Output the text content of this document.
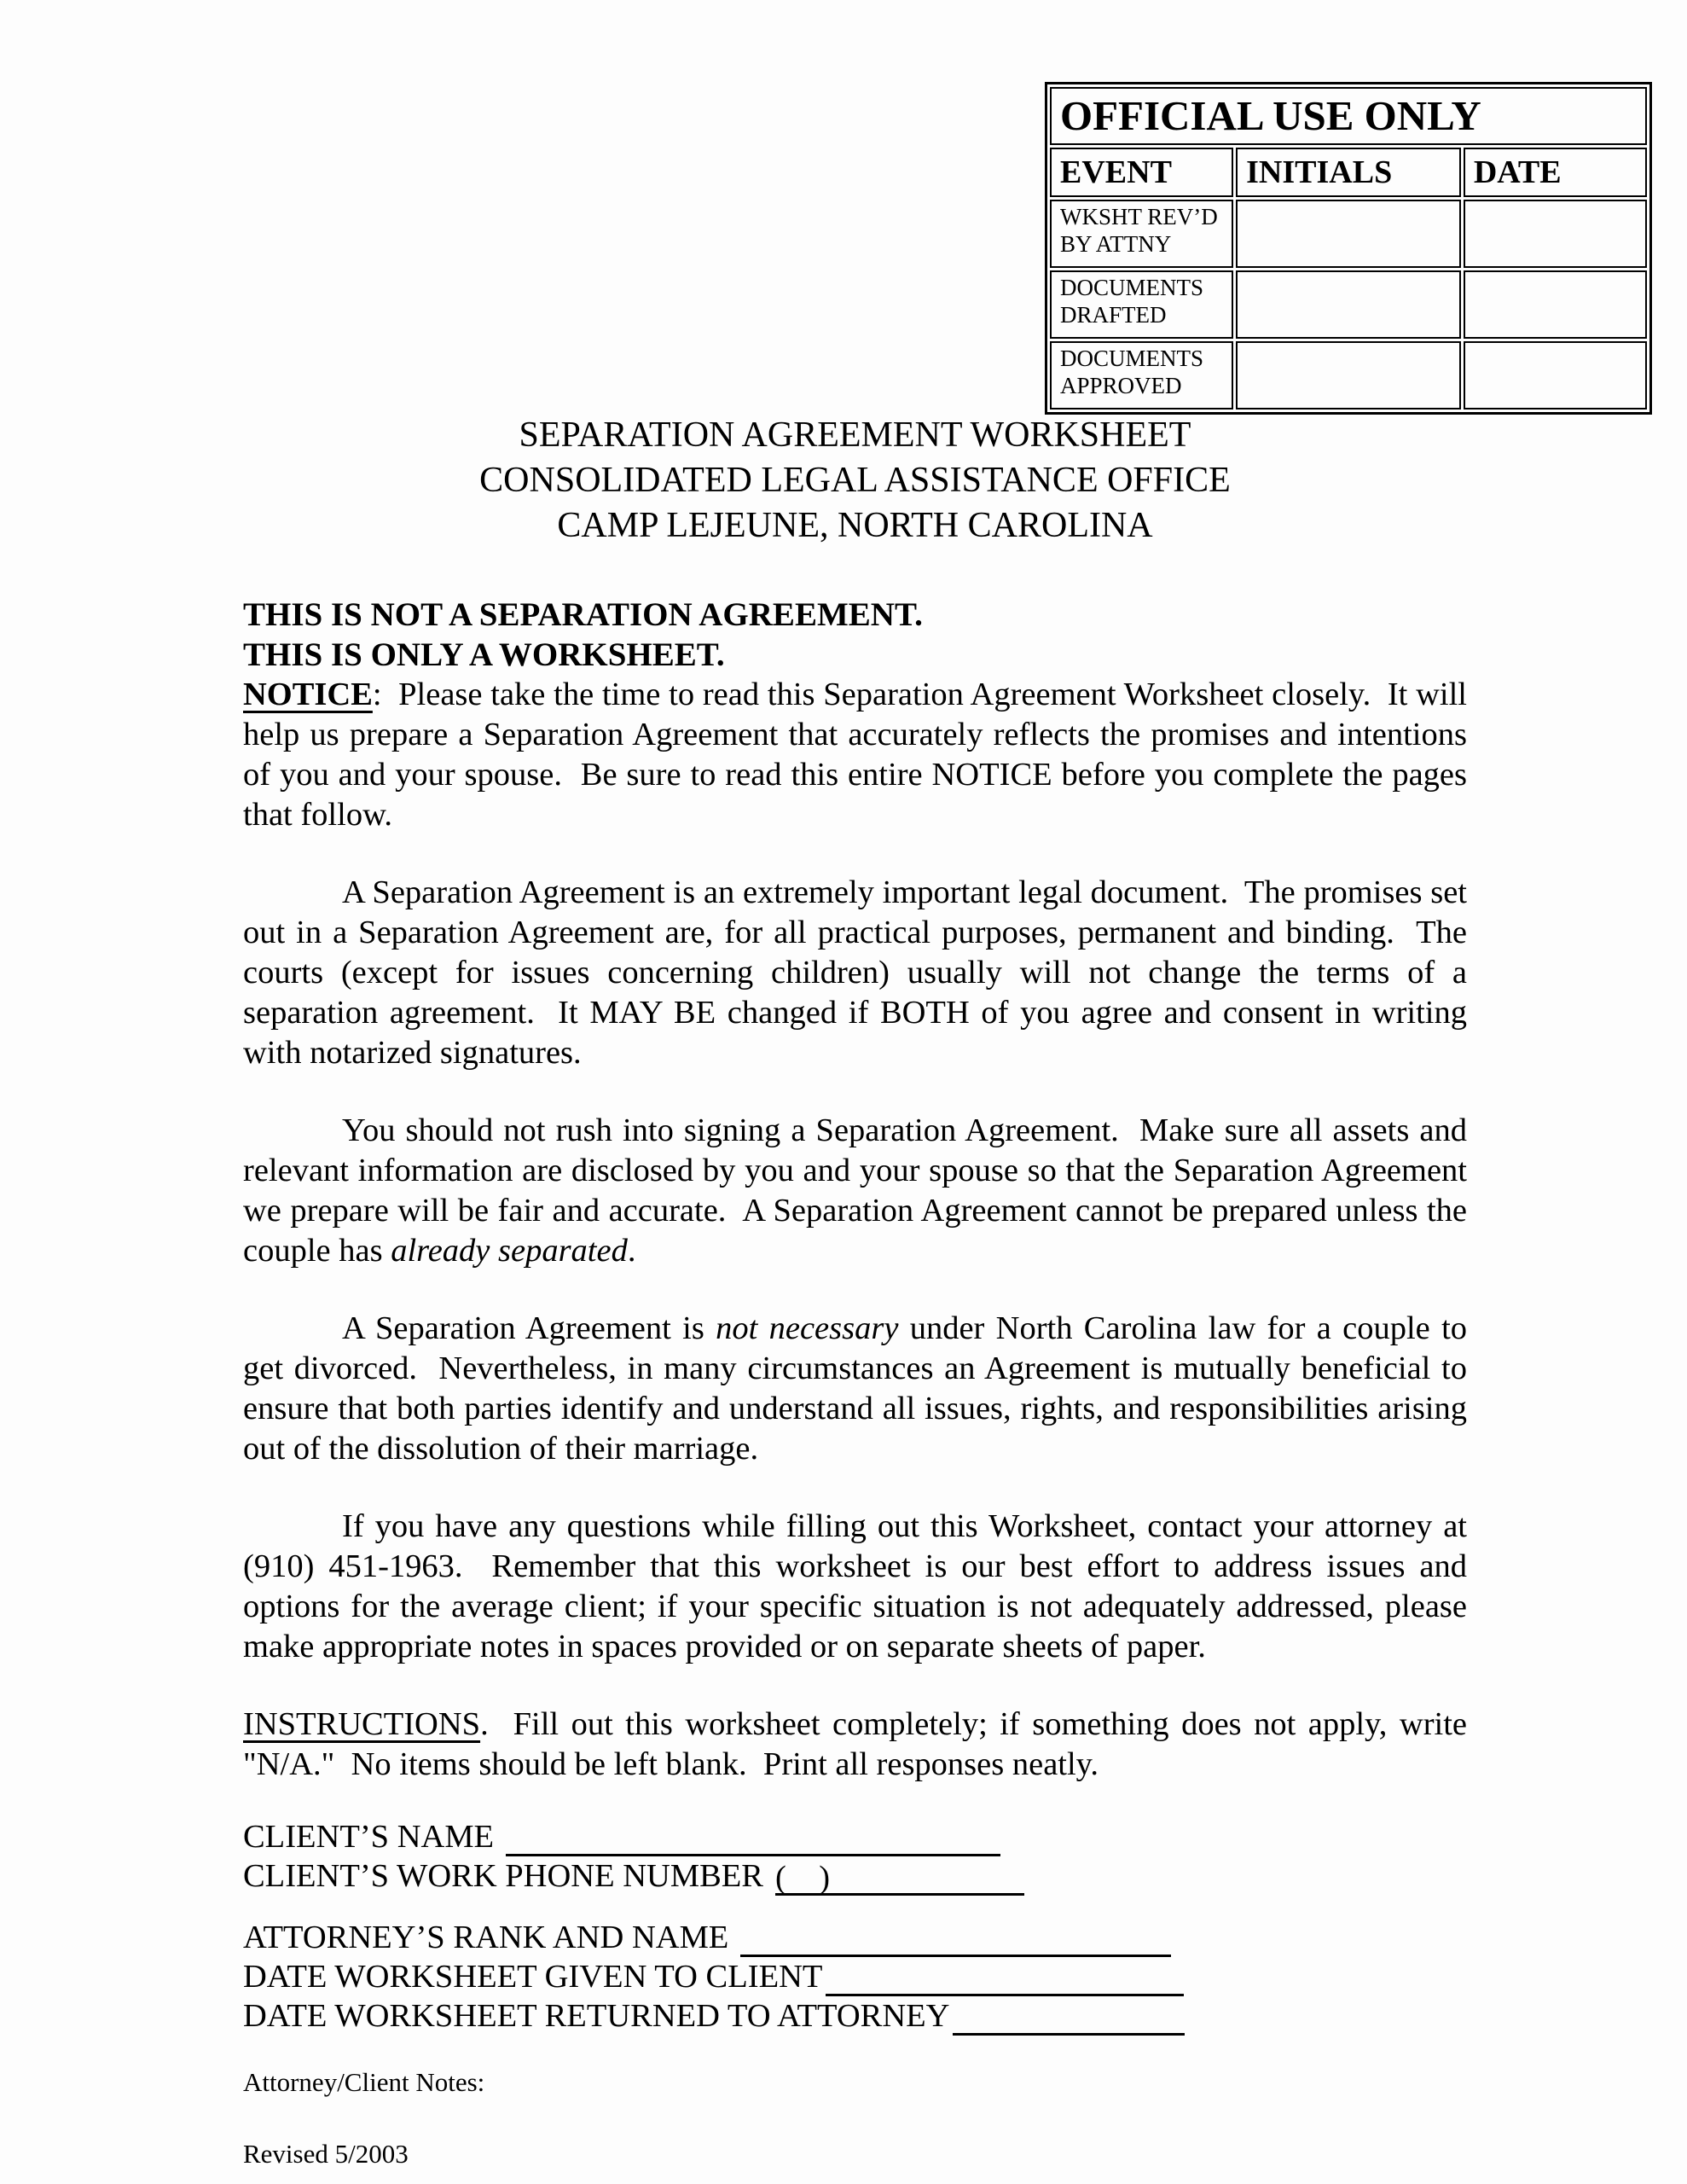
OFFICIAL USE ONLY		
EVENT	INITIALS	DATE
WKSHT REV’D BY ATTNY		
DOCUMENTS DRAFTED		
DOCUMENTS APPROVED		
SEPARATION AGREEMENT WORKSHEET
CONSOLIDATED LEGAL ASSISTANCE OFFICE
CAMP LEJEUNE, NORTH CAROLINA
THIS IS NOT A SEPARATION AGREEMENT.
THIS IS ONLY A WORKSHEET.

NOTICE:  Please take the time to read this Separation Agreement Worksheet closely.  It will help us prepare a Separation Agreement that accurately reflects the promises and intentions of you and your spouse.  Be sure to read this entire NOTICE before you complete the pages that follow.

A Separation Agreement is an extremely important legal document.  The promises set out in a Separation Agreement are, for all practical purposes, permanent and binding.  The courts (except for issues concerning children) usually will not change the terms of a separation agreement.  It MAY BE changed if BOTH of you agree and consent in writing with notarized signatures.

You should not rush into signing a Separation Agreement.  Make sure all assets and relevant information are disclosed by you and your spouse so that the Separation Agreement we prepare will be fair and accurate.  A Separation Agreement cannot be prepared unless the couple has already separated.

A Separation Agreement is not necessary under North Carolina law for a couple to get divorced.  Nevertheless, in many circumstances an Agreement is mutually beneficial to ensure that both parties identify and understand all issues, rights, and responsibilities arising out of the dissolution of their marriage.

If you have any questions while filling out this Worksheet, contact your attorney at (910) 451-1963.  Remember that this worksheet is our best effort to address issues and options for the average client; if your specific situation is not adequately addressed, please make appropriate notes in spaces provided or on separate sheets of paper.

INSTRUCTIONS.  Fill out this worksheet completely; if something does not apply, write "N/A."  No items should be left blank.  Print all responses neatly.

CLIENT’S NAME
CLIENT’S WORK PHONE NUMBER (    )
ATTORNEY’S RANK AND NAME
DATE WORKSHEET GIVEN TO CLIENT
DATE WORKSHEET RETURNED TO ATTORNEY
Attorney/Client Notes:
Revised 5/2003
